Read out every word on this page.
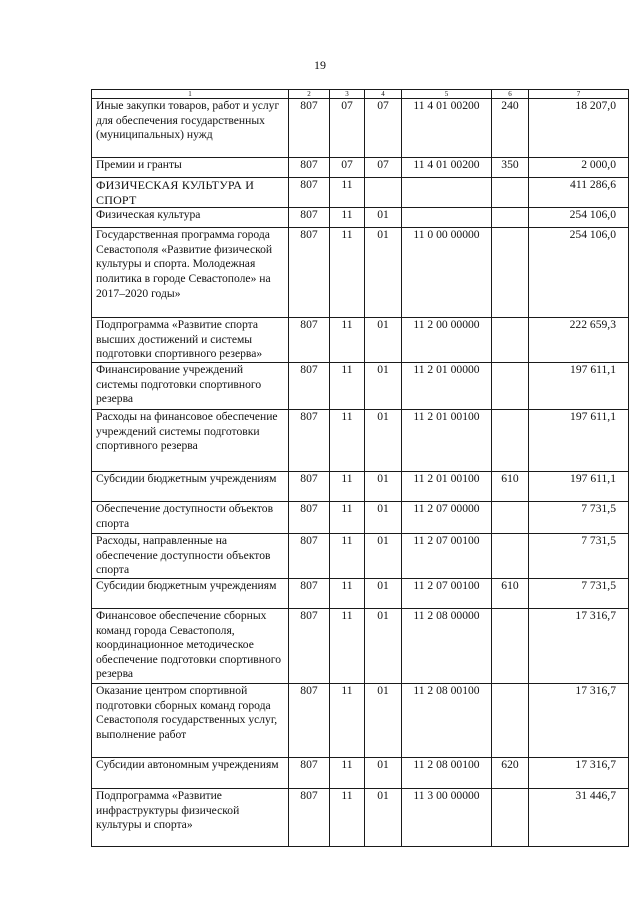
19
1	2	3	4	5	6	7
Иные закупки товаров, работ и услуг для обеспечения государственных (муниципальных) нужд	807	07	07	11 4 01 00200	240	18 207,0
Премии и гранты	807	07	07	11 4 01 00200	350	2 000,0
ФИЗИЧЕСКАЯ КУЛЬТУРА И СПОРТ	807	11				411 286,6
Физическая культура	807	11	01			254 106,0
Государственная программа города Севастополя «Развитие физической культуры и спорта. Молодежная политика в городе Севастополе» на 2017–2020 годы»	807	11	01	11 0 00 00000		254 106,0
Подпрограмма «Развитие спорта высших достижений и системы подготовки спортивного резерва»	807	11	01	11 2 00 00000		222 659,3
Финансирование учреждений системы подготовки спортивного резерва	807	11	01	11 2 01 00000		197 611,1
Расходы на финансовое обеспечение учреждений системы подготовки спортивного резерва	807	11	01	11 2 01 00100		197 611,1
Субсидии бюджетным учреждениям	807	11	01	11 2 01 00100	610	197 611,1
Обеспечение доступности объектов спорта	807	11	01	11 2 07 00000		7 731,5
Расходы, направленные на обеспечение доступности объектов спорта	807	11	01	11 2 07 00100		7 731,5
Субсидии бюджетным учреждениям	807	11	01	11 2 07 00100	610	7 731,5
Финансовое обеспечение сборных команд города Севастополя, координационное методическое обеспечение подготовки спортивного резерва	807	11	01	11 2 08 00000		17 316,7
Оказание центром спортивной подготовки сборных команд города Севастополя государственных услуг, выполнение работ	807	11	01	11 2 08 00100		17 316,7
Субсидии автономным учреждениям	807	11	01	11 2 08 00100	620	17 316,7
Подпрограмма «Развитие инфраструктуры физической культуры и спорта»	807	11	01	11 3 00 00000		31 446,7
